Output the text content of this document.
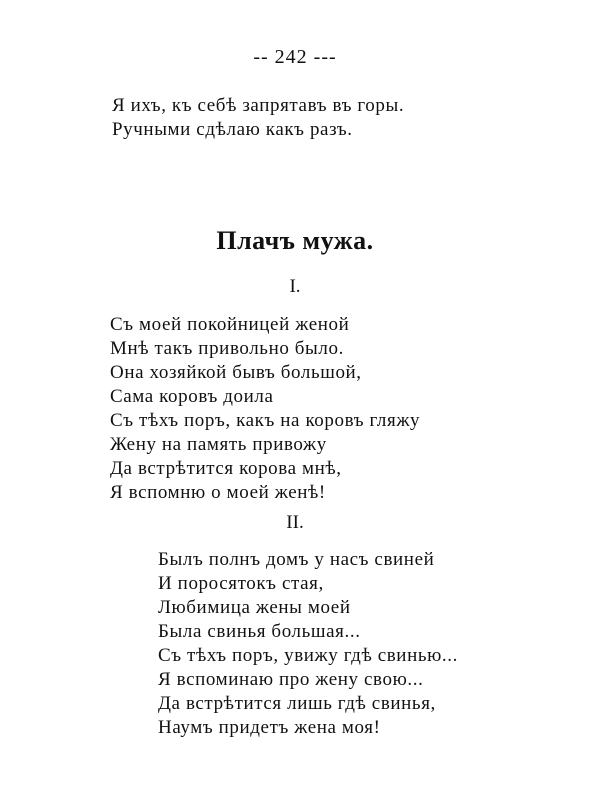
-- 242 ---
Я ихъ, къ себѣ запрятавъ въ горы.
Ручными сдѣлаю какъ разъ.
Плачъ мужа.
I.
Съ моей покойницей женой
Мнѣ такъ привольно было.
Она хозяйкой бывъ большой,
Сама коровъ доила
Съ тѣхъ поръ, какъ на коровъ гляжу
Жену на память привожу
Да встрѣтится корова мнѣ,
Я вспомню о моей женѣ!
II.
Былъ полнъ домъ у насъ свиней
И поросятокъ стая,
Любимица жены моей
Была свинья большая...
Съ тѣхъ поръ, увижу гдѣ свинью...
Я вспоминаю про жену свою...
Да встрѣтится лишь гдѣ свинья,
Наумъ придетъ жена моя!
